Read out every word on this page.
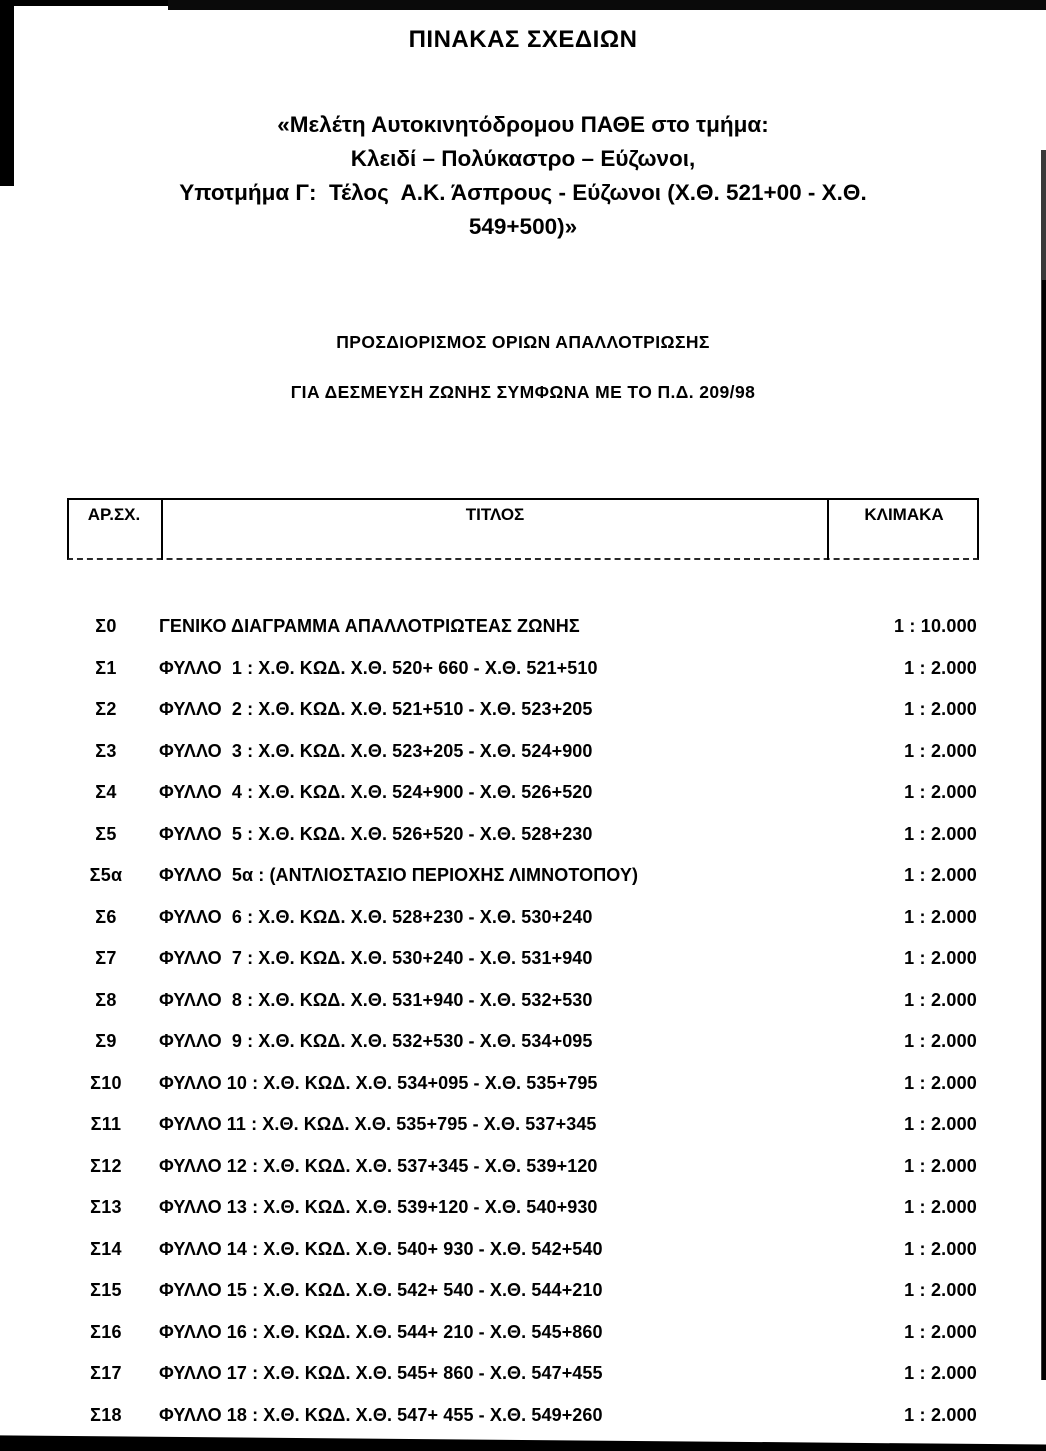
ΠΙΝΑΚΑΣ ΣΧΕΔΙΩΝ
«Μελέτη Αυτοκινητόδρομου ΠΑΘΕ στο τμήμα:
Κλειδί – Πολύκαστρο – Εύζωνοι,
Υποτμήμα Γ:  Τέλος  Α.Κ. Άσπρους - Εύζωνοι (Χ.Θ. 521+00 - Χ.Θ.
549+500)»
ΠΡΟΣΔΙΟΡΙΣΜΟΣ ΟΡΙΩΝ ΑΠΑΛΛΟΤΡΙΩΣΗΣ
ΓΙΑ ΔΕΣΜΕΥΣΗ ΖΩΝΗΣ ΣΥΜΦΩΝΑ ΜΕ ΤΟ Π.Δ. 209/98
ΑΡ.ΣΧ.	ΤΙΤΛΟΣ	ΚΛΙΜΑΚΑ
Σ0	ΓΕΝΙΚΟ ΔΙΑΓΡΑΜΜΑ ΑΠΑΛΛΟΤΡΙΩΤΕΑΣ ΖΩΝΗΣ	1 : 10.000
Σ1	ΦΥΛΛΟ  1 : Χ.Θ. ΚΩΔ. Χ.Θ. 520+ 660 - Χ.Θ. 521+510	1 : 2.000
Σ2	ΦΥΛΛΟ  2 : Χ.Θ. ΚΩΔ. Χ.Θ. 521+510 - Χ.Θ. 523+205	1 : 2.000
Σ3	ΦΥΛΛΟ  3 : Χ.Θ. ΚΩΔ. Χ.Θ. 523+205 - Χ.Θ. 524+900	1 : 2.000
Σ4	ΦΥΛΛΟ  4 : Χ.Θ. ΚΩΔ. Χ.Θ. 524+900 - Χ.Θ. 526+520	1 : 2.000
Σ5	ΦΥΛΛΟ  5 : Χ.Θ. ΚΩΔ. Χ.Θ. 526+520 - Χ.Θ. 528+230	1 : 2.000
Σ5α	ΦΥΛΛΟ  5α : (ΑΝΤΛΙΟΣΤΑΣΙΟ ΠΕΡΙΟΧΗΣ ΛΙΜΝΟΤΟΠΟΥ)	1 : 2.000
Σ6	ΦΥΛΛΟ  6 : Χ.Θ. ΚΩΔ. Χ.Θ. 528+230 - Χ.Θ. 530+240	1 : 2.000
Σ7	ΦΥΛΛΟ  7 : Χ.Θ. ΚΩΔ. Χ.Θ. 530+240 - Χ.Θ. 531+940	1 : 2.000
Σ8	ΦΥΛΛΟ  8 : Χ.Θ. ΚΩΔ. Χ.Θ. 531+940 - Χ.Θ. 532+530	1 : 2.000
Σ9	ΦΥΛΛΟ  9 : Χ.Θ. ΚΩΔ. Χ.Θ. 532+530 - Χ.Θ. 534+095	1 : 2.000
Σ10	ΦΥΛΛΟ 10 : Χ.Θ. ΚΩΔ. Χ.Θ. 534+095 - Χ.Θ. 535+795	1 : 2.000
Σ11	ΦΥΛΛΟ 11 : Χ.Θ. ΚΩΔ. Χ.Θ. 535+795 - Χ.Θ. 537+345	1 : 2.000
Σ12	ΦΥΛΛΟ 12 : Χ.Θ. ΚΩΔ. Χ.Θ. 537+345 - Χ.Θ. 539+120	1 : 2.000
Σ13	ΦΥΛΛΟ 13 : Χ.Θ. ΚΩΔ. Χ.Θ. 539+120 - Χ.Θ. 540+930	1 : 2.000
Σ14	ΦΥΛΛΟ 14 : Χ.Θ. ΚΩΔ. Χ.Θ. 540+ 930 - Χ.Θ. 542+540	1 : 2.000
Σ15	ΦΥΛΛΟ 15 : Χ.Θ. ΚΩΔ. Χ.Θ. 542+ 540 - Χ.Θ. 544+210	1 : 2.000
Σ16	ΦΥΛΛΟ 16 : Χ.Θ. ΚΩΔ. Χ.Θ. 544+ 210 - Χ.Θ. 545+860	1 : 2.000
Σ17	ΦΥΛΛΟ 17 : Χ.Θ. ΚΩΔ. Χ.Θ. 545+ 860 - Χ.Θ. 547+455	1 : 2.000
Σ18	ΦΥΛΛΟ 18 : Χ.Θ. ΚΩΔ. Χ.Θ. 547+ 455 - Χ.Θ. 549+260	1 : 2.000
